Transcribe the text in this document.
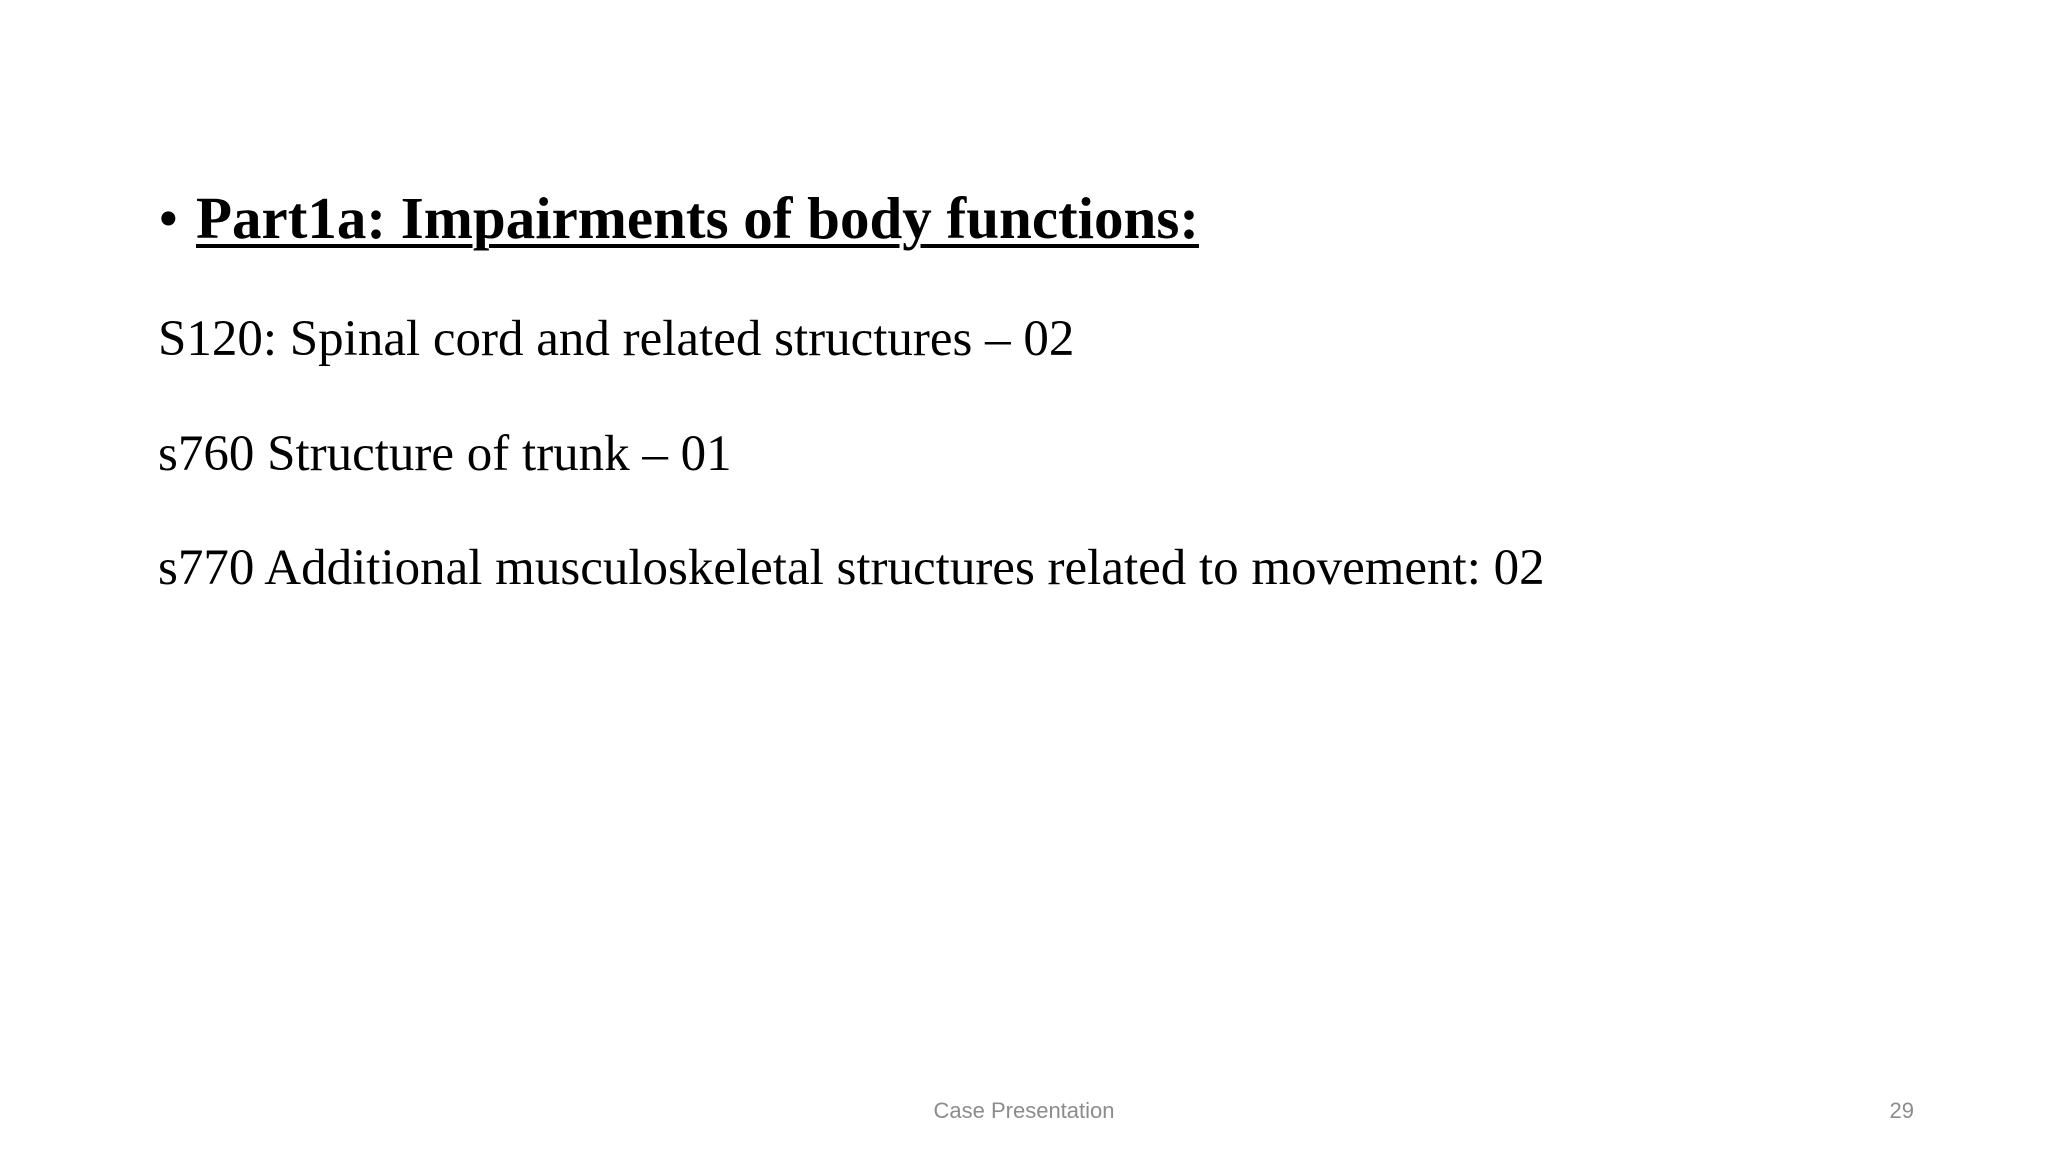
• Part1a: Impairments of body functions:
S120: Spinal cord and related structures – 02
s760 Structure of trunk – 01
s770 Additional musculoskeletal structures related to movement: 02
Case Presentation	29
